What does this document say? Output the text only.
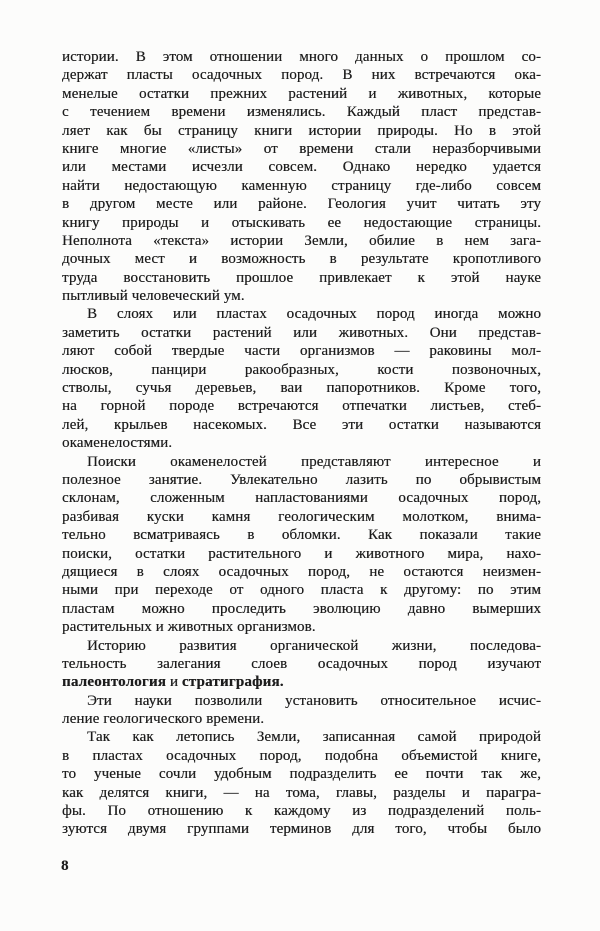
истории. В этом отношении много данных о прошлом со-
держат пласты осадочных пород. В них встречаются ока-
менелые остатки прежних растений и животных, которые
с течением времени изменялись. Каждый пласт представ-
ляет как бы страницу книги истории природы. Но в этой
книге многие «листы» от времени стали неразборчивыми
или местами исчезли совсем. Однако нередко удается
найти недостающую каменную страницу где-либо совсем
в другом месте или районе. Геология учит читать эту
книгу природы и отыскивать ее недостающие страницы.
Неполнота «текста» истории Земли, обилие в нем зага-
дочных мест и возможность в результате кропотливого
труда восстановить прошлое привлекает к этой науке
пытливый человеческий ум.
В слоях или пластах осадочных пород иногда можно
заметить остатки растений или животных. Они представ-
ляют собой твердые части организмов — раковины мол-
люсков, панцири ракообразных, кости позвоночных,
стволы, сучья деревьев, ваи папоротников. Кроме того,
на горной породе встречаются отпечатки листьев, стеб-
лей, крыльев насекомых. Все эти остатки называются
окаменелостями.
Поиски окаменелостей представляют интересное и
полезное занятие. Увлекательно лазить по обрывистым
склонам, сложенным напластованиями осадочных пород,
разбивая куски камня геологическим молотком, внима-
тельно всматриваясь в обломки. Как показали такие
поиски, остатки растительного и животного мира, нахо-
дящиеся в слоях осадочных пород, не остаются неизмен-
ными при переходе от одного пласта к другому: по этим
пластам можно проследить эволюцию давно вымерших
растительных и животных организмов.
Историю развития органической жизни, последова-
тельность залегания слоев осадочных пород изучают
палеонтология и стратиграфия.
Эти науки позволили установить относительное исчис-
ление геологического времени.
Так как летопись Земли, записанная самой природой
в пластах осадочных пород, подобна объемистой книге,
то ученые сочли удобным подразделить ее почти так же,
как делятся книги, — на тома, главы, разделы и парагра-
фы. По отношению к каждому из подразделений поль-
зуются двумя группами терминов для того, чтобы было
8
